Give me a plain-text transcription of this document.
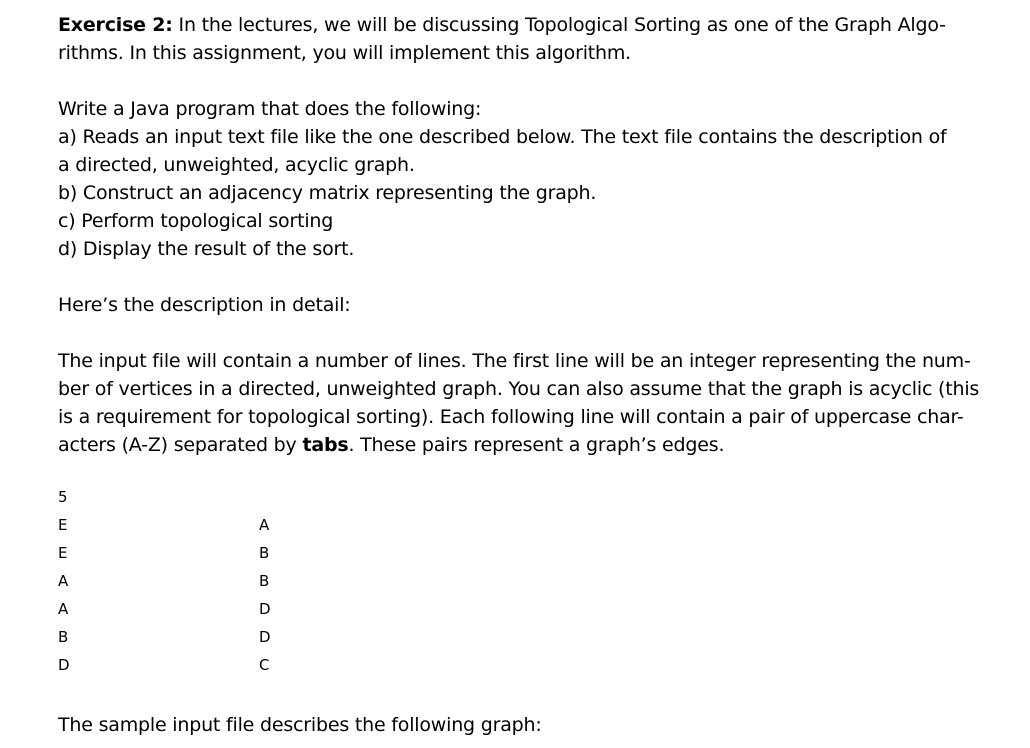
Exercise 2: In the lectures, we will be discussing Topological Sorting as one of the Graph Algo-
rithms. In this assignment, you will implement this algorithm.

Write a Java program that does the following:
a) Reads an input text file like the one described below. The text file contains the description of
a directed, unweighted, acyclic graph.
b) Construct an adjacency matrix representing the graph.
c) Perform topological sorting
d) Display the result of the sort.

Here’s the description in detail:

The input file will contain a number of lines. The first line will be an integer representing the num-
ber of vertices in a directed, unweighted graph. You can also assume that the graph is acyclic (this
is a requirement for topological sorting). Each following line will contain a pair of uppercase char-
acters (A-Z) separated by tabs. These pairs represent a graph’s edges.

5
E	A
E	B
A	B
A	D
B	D
D	C
The sample input file describes the following graph:
